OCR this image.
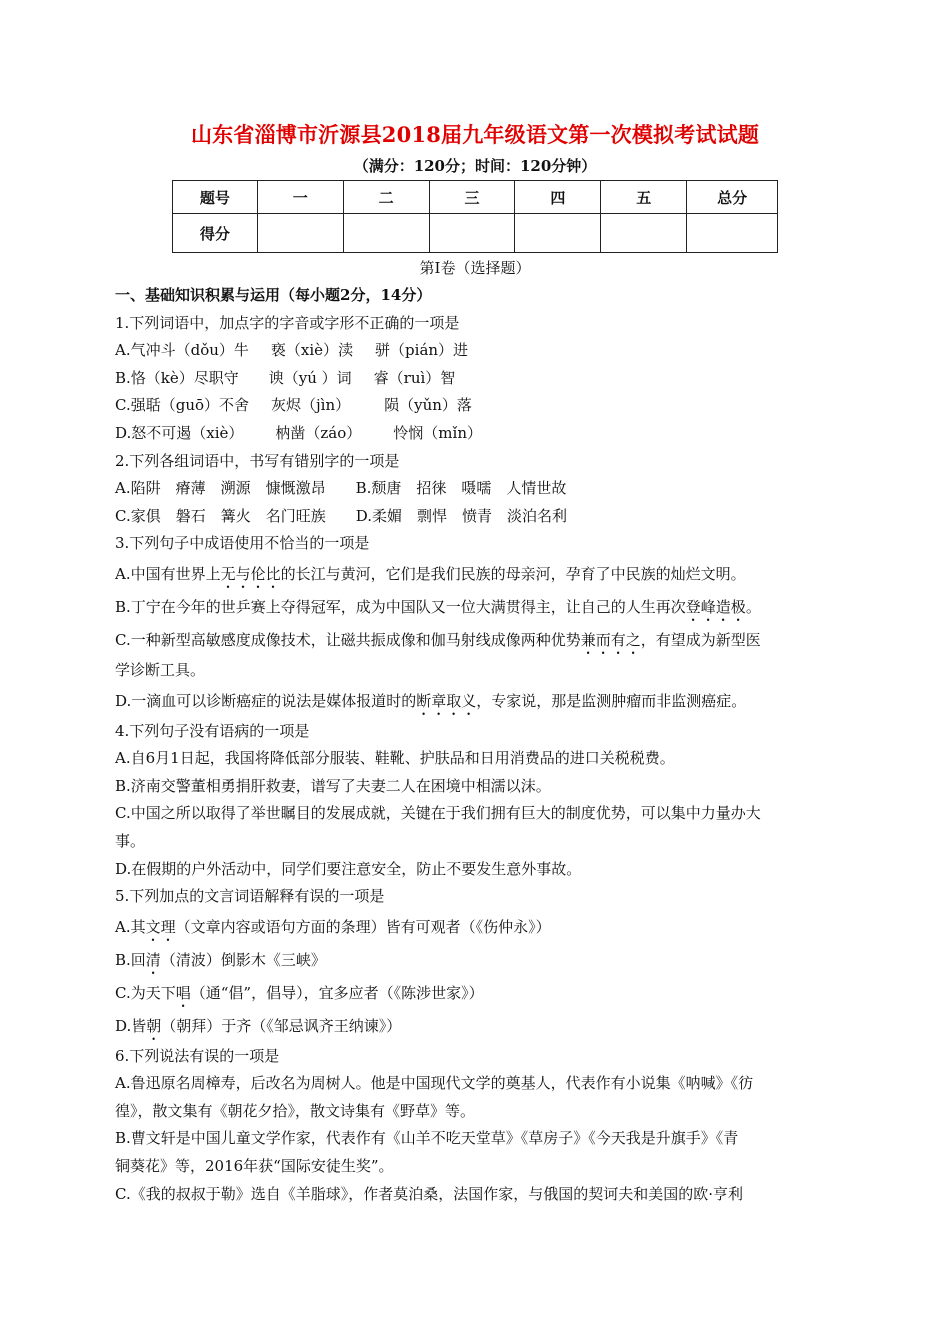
山东省淄博市沂源县2018届九年级语文第一次模拟考试试题
（满分：120分；时间：120分钟）
题号	一	二	三	四	五	总分
得分						
第Ⅰ卷（选择题）
一、基础知识积累与运用（每小题2分，14分）
1.下列词语中，加点字的字音或字形不正确的一项是
A.气冲斗（dǒu）牛 亵（xiè）渎 骈（pián）进
B.恪（kè）尽职守 谀（yú ）词 睿（ruì）智
C.强聒（guō）不舍 灰烬（jìn） 陨（yǔn）落
D.怒不可遏（xiè） 枘凿（záo） 怜悯（mǐn）
2.下列各组词语中，书写有错别字的一项是
A.陷阱　瘠薄　溯源　慷慨激昂 B.颓唐　招徕　嗫嚅　人情世故
C.家俱　磐石　篝火　名门旺族 D.柔媚　剽悍　愤青　淡泊名利
3.下列句子中成语使用不恰当的一项是
A.中国有世界上无与伦比的长江与黄河，它们是我们民族的母亲河，孕育了中民族的灿烂文明。
B.丁宁在今年的世乒赛上夺得冠军，成为中国队又一位大满贯得主，让自己的人生再次登峰造极。
C.一种新型高敏感度成像技术，让磁共振成像和伽马射线成像两种优势兼而有之，有望成为新型医
学诊断工具。
D.一滴血可以诊断癌症的说法是媒体报道时的断章取义，专家说，那是监测肿瘤而非监测癌症。
4.下列句子没有语病的一项是
A.自6月1日起，我国将降低部分服装、鞋靴、护肤品和日用消费品的进口关税税费。
B.济南交警董相勇捐肝救妻，谱写了夫妻二人在困境中相濡以沫。
C.中国之所以取得了举世瞩目的发展成就，关键在于我们拥有巨大的制度优势，可以集中力量办大
事。
D.在假期的户外活动中，同学们要注意安全，防止不要发生意外事故。
5.下列加点的文言词语解释有误的一项是
A.其文理（文章内容或语句方面的条理）皆有可观者（《伤仲永》）
B.回清（清波）倒影木《三峡》
C.为天下唱（通“倡”，倡导），宜多应者（《陈涉世家》）
D.皆朝（朝拜）于齐（《邹忌讽齐王纳谏》）
6.下列说法有误的一项是
A.鲁迅原名周樟寿，后改名为周树人。他是中国现代文学的奠基人，代表作有小说集《呐喊》《彷
徨》，散文集有《朝花夕拾》，散文诗集有《野草》等。
B.曹文轩是中国儿童文学作家，代表作有《山羊不吃天堂草》《草房子》《今天我是升旗手》《青
铜葵花》等，2016年获“国际安徒生奖”。
C.《我的叔叔于勒》选自《羊脂球》，作者莫泊桑，法国作家，与俄国的契诃夫和美国的欧·亨利
